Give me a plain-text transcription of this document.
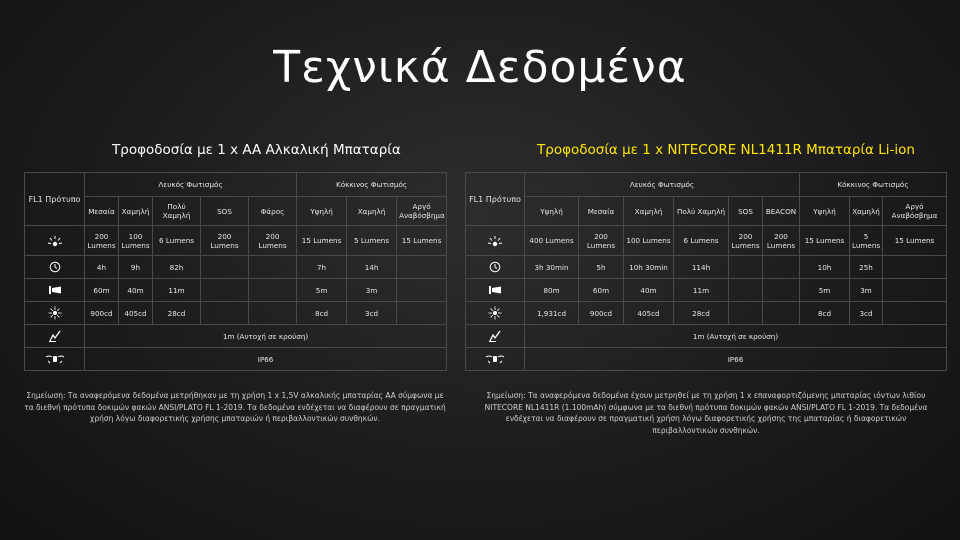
Τεχνικά Δεδομένα
Τροφοδοσία με 1 x AA Αλκαλική Μπαταρία	Τροφοδοσία με 1 x NITECORE NL1411R Μπαταρία Li-ion
FL1 Πρότυπο	Λευκός Φωτισμός					Κόκκινος Φωτισμός		
	Μεσαία	Χαμηλή	Πολύ Χαμηλή	SOS	Φάρος	Υψηλή	Χαμηλή	Αργό Αναβόσβημα

	200 Lumens	100 Lumens	6 Lumens	200 Lumens	200 Lumens	15 Lumens	5 Lumens	15 Lumens

	4h	9h	82h			7h	14h	

	60m	40m	11m			5m	3m	

	900cd	405cd	28cd			8cd	3cd	

	1m (Αντοχή σε κρούση)							

	IP66							
FL1 Πρότυπο	Λευκός Φωτισμός						Κόκκινος Φωτισμός		
	Υψηλή	Μεσαία	Χαμηλή	Πολύ Χαμηλή	SOS	BEACON	Υψηλή	Χαμηλή	Αργό Αναβόσβημα

	400 Lumens	200 Lumens	100 Lumens	6 Lumens	200 Lumens	200 Lumens	15 Lumens	5 Lumens	15 Lumens

	3h 30min	5h	10h 30min	114h			10h	25h	

	80m	60m	40m	11m			5m	3m	

	1,931cd	900cd	405cd	28cd			8cd	3cd	

	1m (Αντοχή σε κρούση)								

	IP66								
Σημείωση: Τα αναφερόμενα δεδομένα μετρήθηκαν με τη χρήση 1 x 1,5V αλκαλικής μπαταρίας AA σύμφωνα με τα διεθνή πρότυπα δοκιμών φακών ANSI/PLATO FL 1-2019. Τα δεδομένα ενδέχεται να διαφέρουν σε πραγματική χρήση λόγω διαφορετικής χρήσης μπαταριών ή περιβαλλοντικών συνθηκών.
Σημείωση: Τα αναφερόμενα δεδομένα έχουν μετρηθεί με τη χρήση 1 x επαναφορτιζόμενης μπαταρίας ιόντων λιθίου NITECORE NL1411R (1.100mAh) σύμφωνα με τα διεθνή πρότυπα δοκιμών φακών ANSI/PLATO FL 1-2019. Τα δεδομένα ενδέχεται να διαφέρουν σε πραγματική χρήση λόγω διαφορετικής χρήσης της μπαταρίας ή διαφορετικών περιβαλλοντικών συνθηκών.
